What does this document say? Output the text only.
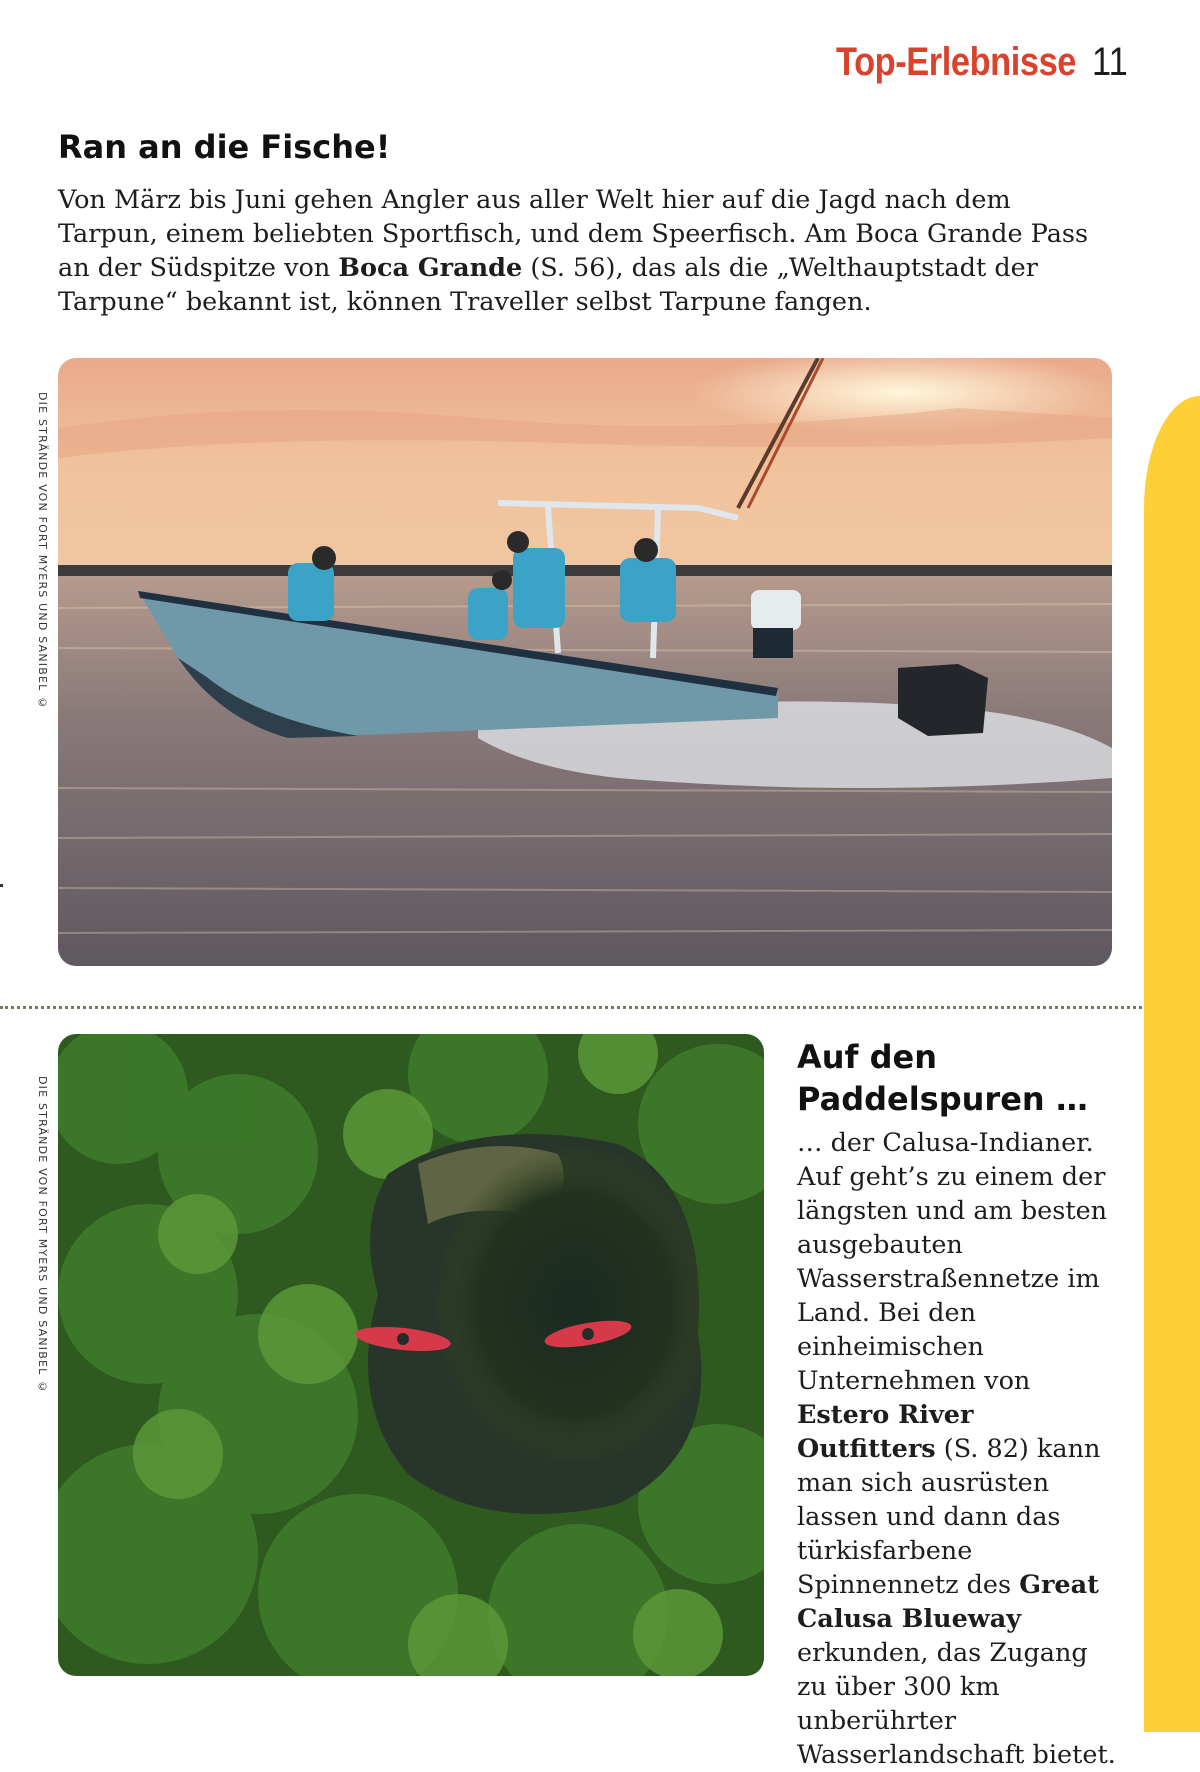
Top-Erlebnisse 11
Ran an die Fische!

Von März bis Juni gehen Angler aus aller Welt hier auf die Jagd nach dem Tarpun, einem beliebten Sportfisch, und dem Speerfisch. Am Boca Grande Pass an der Südspitze von Boca Grande (S. 56), das als die „Welthauptstadt der Tarpune“ bekannt ist, können Traveller selbst Tarpune fangen.

DIE STRÄNDE VON FORT MYERS UND SANIBEL ©
DIE STRÄNDE VON FORT MYERS UND SANIBEL ©
Auf den Paddelspuren …

… der Calusa-Indianer. Auf geht’s zu einem der längsten und am besten ausgebauten Wasserstraßennetze im Land. Bei den einheimischen Unternehmen von Estero River Outfitters (S. 82) kann man sich ausrüsten lassen und dann das türkisfarbene Spinnennetz des Great Calusa Blueway erkunden, das Zugang zu über 300 km unberührter Wasserlandschaft bietet.
